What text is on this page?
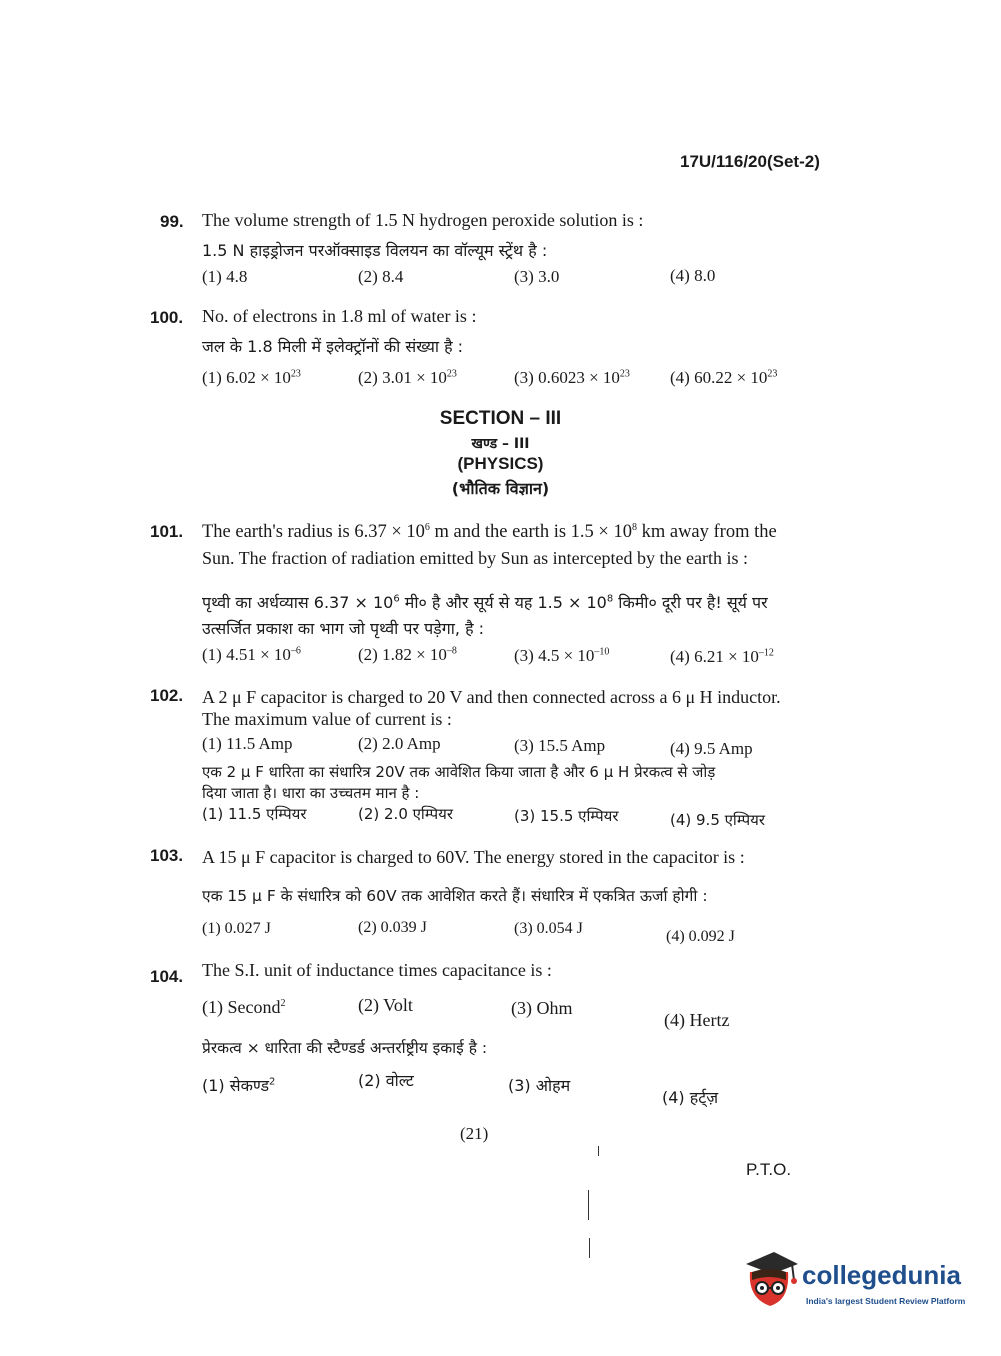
17U/116/20(Set-2)
99. The volume strength of 1.5 N hydrogen peroxide solution is :
1.5 N हाइड्रोजन परऑक्साइड विलयन का वॉल्यूम स्ट्रेंथ है :
(1) 4.8	(2) 8.4	(3) 3.0	(4) 8.0
100. No. of electrons in 1.8 ml of water is :
जल के 1.8 मिली में इलेक्ट्रॉनों की संख्या है :
(1) $6.02 \times 10^{23}$	(2) $3.01 \times 10^{23}$	(3) $0.6023 \times 10^{23}$ (4) $60.22 \times 10^{23}$
SECTION – III
खण्ड – III
(PHYSICS)
(भौतिक विज्ञान)
101. The earth's radius is $6.37 \times 10^6$ m and the earth is $1.5 \times 10^8$ km away from the
Sun. The fraction of radiation emitted by Sun as intercepted by the earth is :
पृथ्वी का अर्धव्यास $6.37 \times 10^6$ मी० है और सूर्य से यह $1.5 \times 10^8$ किमी० दूरी पर है! सूर्य पर
उत्सर्जित प्रकाश का भाग जो पृथ्वी पर पड़ेगा, है :
(1) $4.51 \times 10^{-6}$	(2) $1.82 \times 10^{-8}$	(3) $4.5 \times 10^{-10}$	(4) $6.21 \times 10^{-12}$
102. A 2 μ F capacitor is charged to 20 V and then connected across a 6 μ H inductor.
The maximum value of current is :
(1) 11.5 Amp	(2) 2.0 Amp	(3) 15.5 Amp	(4) 9.5 Amp
एक 2 μ F धारिता का संधारित्र 20V तक आवेशित किया जाता है और 6 μ H प्रेरकत्व से जोड़
दिया जाता है। धारा का उच्चतम मान है :
(1) 11.5 एम्पियर	(2) 2.0 एम्पियर	(3) 15.5 एम्पियर	(4) 9.5 एम्पियर
103. A 15 μ F capacitor is charged to 60V. The energy stored in the capacitor is :
एक 15 μ F के संधारित्र को 60V तक आवेशित करते हैं। संधारित्र में एकत्रित ऊर्जा होगी :
(1) 0.027 J	(2) 0.039 J	(3) 0.054 J	(4) 0.092 J
104. The S.I. unit of inductance times capacitance is :
(1) Second$^2$	(2) Volt	(3) Ohm
(4) Hertz
प्रेरकत्व × धारिता की स्टैण्डर्ड अन्तर्राष्ट्रीय इकाई है :
(1) सेकण्ड$^2$	(2) वोल्ट	(3) ओहम
(4) हर्ट्ज़
(21)
P.T.O.
collegedunia
India's largest Student Review Platform
